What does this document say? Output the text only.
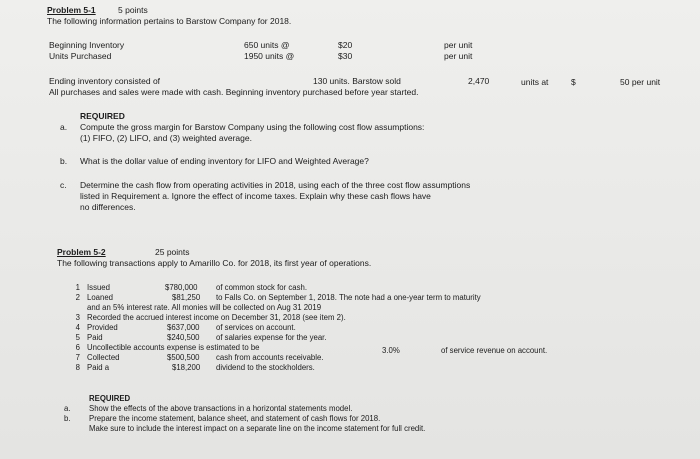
Problem 5-1	5 points
The following information pertains to Barstow Company for 2018.
Beginning Inventory	650 units @	$20	per unit
Units Purchased	1950 units @	$30	per unit
Ending inventory consisted of	130 units. Barstow sold	2,470	units at	$	50 per unit
All purchases and sales were made with cash. Beginning inventory purchased before year started.
REQUIRED
a. Compute the gross margin for Barstow Company using the following cost flow assumptions:
(1) FIFO, (2) LIFO, and (3) weighted average.
b. What is the dollar value of ending inventory for LIFO and Weighted Average?
c. Determine the cash flow from operating activities in 2018, using each of the three cost flow assumptions
listed in Requirement a. Ignore the effect of income taxes. Explain why these cash flows have
no differences.
Problem 5-2	25 points
The following transactions apply to Amarillo Co. for 2018, its first year of operations.
1 Issued	$780,000 of common stock for cash.
2 Loaned	$81,250 to Falls Co. on September 1, 2018. The note had a one-year term to maturity
and an 5% interest rate. All monies will be collected on Aug 31 2019
3 Recorded the accrued interest income on December 31, 2018 (see item 2).
4 Provided	$637,000 of services on account.
5 Paid	$240,500 of salaries expense for the year.
6 Uncollectible accounts expense is estimated to be	3.0%	of service revenue on account.
7 Collected	$500,500 cash from accounts receivable.
8 Paid a	$18,200 dividend to the stockholders.
REQUIRED
a. Show the effects of the above transactions in a horizontal statements model.
b. Prepare the income statement, balance sheet, and statement of cash flows for 2018.
Make sure to include the interest impact on a separate line on the income statement for full credit.
